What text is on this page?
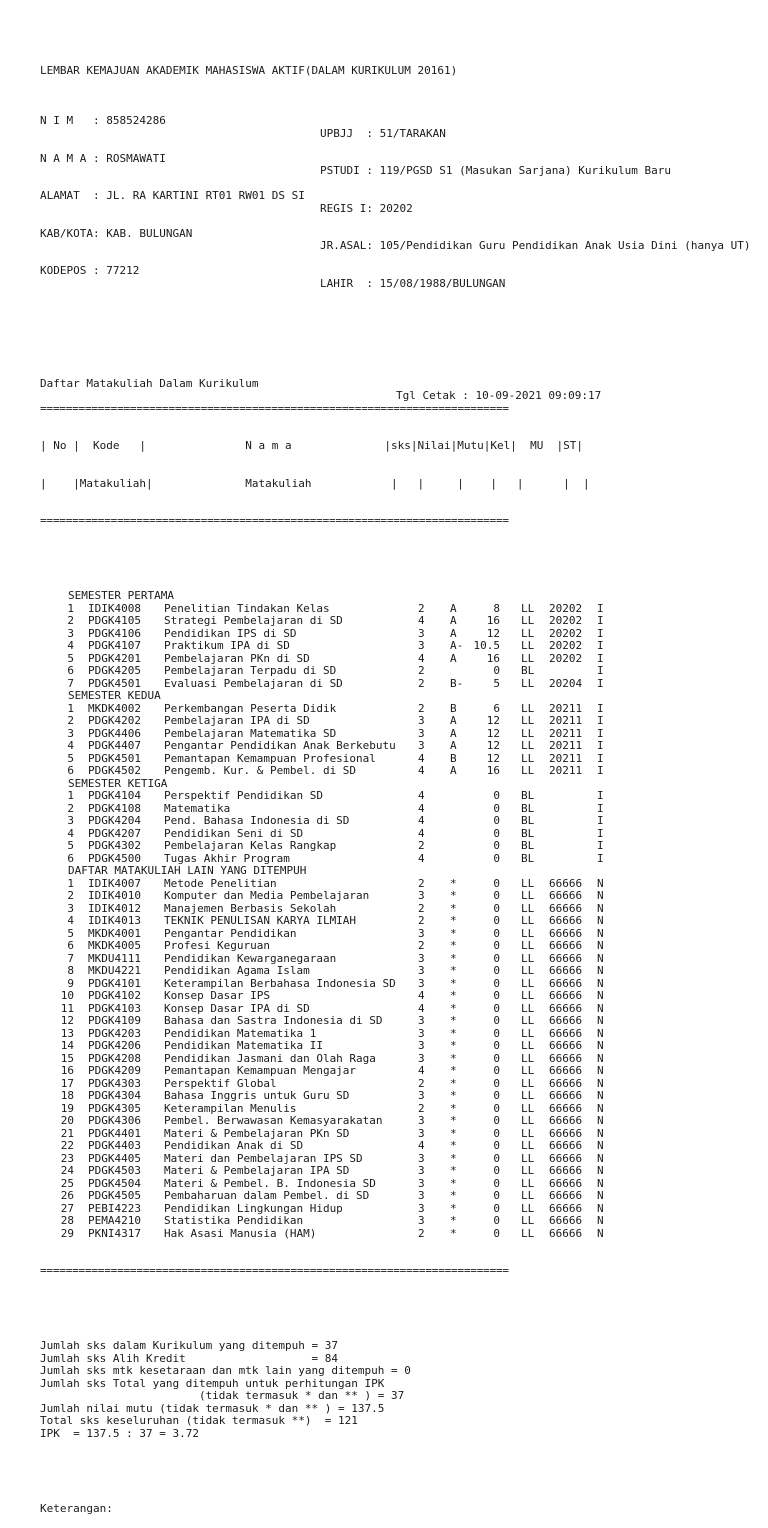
LEMBAR KEMAJUAN AKADEMIK MAHASISWA AKTIF(DALAM KURIKULUM 20161)

N I M   : 858524286

UPBJJ  : 51/TARAKAN

N A M A : ROSMAWATI

PSTUDI : 119/PGSD S1 (Masukan Sarjana) Kurikulum Baru

ALAMAT  : JL. RA KARTINI RT01 RW01 DS SI

REGIS I: 20202

KAB/KOTA: KAB. BULUNGAN

JR.ASAL: 105/Pendidikan Guru Pendidikan Anak Usia Dini (hanya UT)

KODEPOS : 77212

LAHIR  : 15/08/1988/BULUNGAN

Daftar Matakuliah Dalam Kurikulum

Tgl Cetak : 10-09-2021 09:09:17

=========================================================================

| No |  Kode   |               N a m a              |sks|Nilai|Mutu|Kel|  MU  |ST|

|    |Matakuliah|              Matakuliah            |   |     |    |   |      |  |

=========================================================================

SEMESTER PERTAMA
1 IDIK4008 Penelitian Tindakan Kelas	2 A	8 LL 20202 I
2 PDGK4105 Strategi Pembelajaran di SD	4 A	16 LL 20202 I
3 PDGK4106 Pendidikan IPS di SD	3 A	12 LL 20202 I
4 PDGK4107 Praktikum IPA di SD	3 A- 10.5 LL 20202 I
5 PDGK4201 Pembelajaran PKn di SD	4 A	16 LL 20202 I
6 PDGK4205 Pembelajaran Terpadu di SD	2	0 BL	I
7 PDGK4501 Evaluasi Pembelajaran di SD	2 B-	5 LL 20204 I
SEMESTER KEDUA
1 MKDK4002 Perkembangan Peserta Didik	2 B	6 LL 20211 I
2 PDGK4202 Pembelajaran IPA di SD	3 A	12 LL 20211 I
3 PDGK4406 Pembelajaran Matematika SD	3 A	12 LL 20211 I
4 PDGK4407 Pengantar Pendidikan Anak Berkebutu 3 A	12 LL 20211 I
5 PDGK4501 Pemantapan Kemampuan Profesional	4 B	12 LL 20211 I
6 PDGK4502 Pengemb. Kur. & Pembel. di SD	4 A	16 LL 20211 I
SEMESTER KETIGA
1 PDGK4104 Perspektif Pendidikan SD	4	0 BL	I
2 PDGK4108 Matematika	4	0 BL	I
3 PDGK4204 Pend. Bahasa Indonesia di SD	4	0 BL	I
4 PDGK4207 Pendidikan Seni di SD	4	0 BL	I
5 PDGK4302 Pembelajaran Kelas Rangkap	2	0 BL	I
6 PDGK4500 Tugas Akhir Program	4	0 BL	I
DAFTAR MATAKULIAH LAIN YANG DITEMPUH
1 IDIK4007 Metode Penelitian	2 *	0 LL 66666 N
2 IDIK4010 Komputer dan Media Pembelajaran	3 *	0 LL 66666 N
3 IDIK4012 Manajemen Berbasis Sekolah	2 *	0 LL 66666 N
4 IDIK4013 TEKNIK PENULISAN KARYA ILMIAH	2 *	0 LL 66666 N
5 MKDK4001 Pengantar Pendidikan	3 *	0 LL 66666 N
6 MKDK4005 Profesi Keguruan	2 *	0 LL 66666 N
7 MKDU4111 Pendidikan Kewarganegaraan	3 *	0 LL 66666 N
8 MKDU4221 Pendidikan Agama Islam	3 *	0 LL 66666 N
9 PDGK4101 Keterampilan Berbahasa Indonesia SD 3 *	0 LL 66666 N
10 PDGK4102 Konsep Dasar IPS	4 *	0 LL 66666 N
11 PDGK4103 Konsep Dasar IPA di SD	4 *	0 LL 66666 N
12 PDGK4109 Bahasa dan Sastra Indonesia di SD	3 *	0 LL 66666 N
13 PDGK4203 Pendidikan Matematika 1	3 *	0 LL 66666 N
14 PDGK4206 Pendidikan Matematika II	3 *	0 LL 66666 N
15 PDGK4208 Pendidikan Jasmani dan Olah Raga	3 *	0 LL 66666 N
16 PDGK4209 Pemantapan Kemampuan Mengajar	4 *	0 LL 66666 N
17 PDGK4303 Perspektif Global	2 *	0 LL 66666 N
18 PDGK4304 Bahasa Inggris untuk Guru SD	3 *	0 LL 66666 N
19 PDGK4305 Keterampilan Menulis	2 *	0 LL 66666 N
20 PDGK4306 Pembel. Berwawasan Kemasyarakatan	3 *	0 LL 66666 N
21 PDGK4401 Materi & Pembelajaran PKn SD	3 *	0 LL 66666 N
22 PDGK4403 Pendidikan Anak di SD	4 *	0 LL 66666 N
23 PDGK4405 Materi dan Pembelajaran IPS SD	3 *	0 LL 66666 N
24 PDGK4503 Materi & Pembelajaran IPA SD	3 *	0 LL 66666 N
25 PDGK4504 Materi & Pembel. B. Indonesia SD	3 *	0 LL 66666 N
26 PDGK4505 Pembaharuan dalam Pembel. di SD	3 *	0 LL 66666 N
27 PEBI4223 Pendidikan Lingkungan Hidup	3 *	0 LL 66666 N
28 PEMA4210 Statistika Pendidikan	3 *	0 LL 66666 N
29 PKNI4317 Hak Asasi Manusia (HAM)	2 *	0 LL 66666 N

=========================================================================

Jumlah sks dalam Kurikulum yang ditempuh = 37
Jumlah sks Alih Kredit                   = 84
Jumlah sks mtk kesetaraan dan mtk lain yang ditempuh = 0
Jumlah sks Total yang ditempuh untuk perhitungan IPK
(tidak termasuk * dan ** ) = 37
Jumlah nilai mutu (tidak termasuk * dan ** ) = 137.5
Total sks keseluruhan (tidak termasuk **)  = 121
IPK  = 137.5 : 37 = 3.72

Keterangan:
